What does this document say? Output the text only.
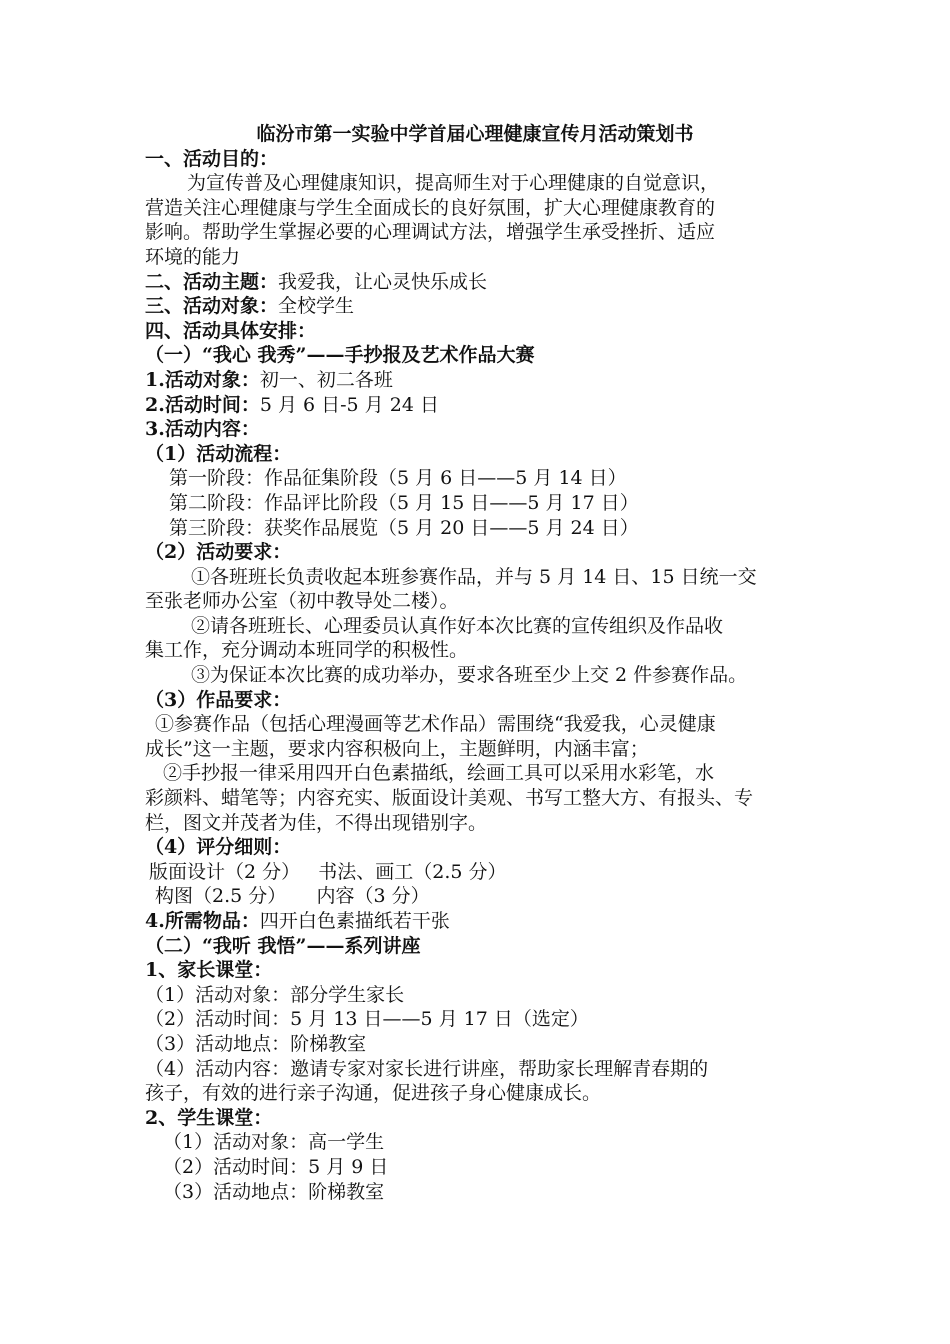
临汾市第一实验中学首届心理健康宣传月活动策划书
一、活动目的：
为宣传普及心理健康知识，提高师生对于心理健康的自觉意识，
营造关注心理健康与学生全面成长的良好氛围，扩大心理健康教育的
影响。帮助学生掌握必要的心理调试方法，增强学生承受挫折、适应
环境的能力
二、活动主题：我爱我，让心灵快乐成长
三、活动对象：全校学生
四、活动具体安排：
（一）“我心 我秀”——手抄报及艺术作品大赛
1.活动对象：初一、初二各班
2.活动时间：5 月 6 日-5 月 24 日
3.活动内容：
（1）活动流程：
第一阶段：作品征集阶段（5 月 6 日——5 月 14 日）
第二阶段：作品评比阶段（5 月 15 日——5 月 17 日）
第三阶段：获奖作品展览（5 月 20 日——5 月 24 日）
（2）活动要求：
①各班班长负责收起本班参赛作品，并与 5 月 14 日、15 日统一交
至张老师办公室（初中教导处二楼）。
②请各班班长、心理委员认真作好本次比赛的宣传组织及作品收
集工作，充分调动本班同学的积极性。
③为保证本次比赛的成功举办，要求各班至少上交 2 件参赛作品。
（3）作品要求：
①参赛作品（包括心理漫画等艺术作品）需围绕“我爱我，心灵健康
成长”这一主题，要求内容积极向上，主题鲜明，内涵丰富；
②手抄报一律采用四开白色素描纸，绘画工具可以采用水彩笔，水
彩颜料、蜡笔等；内容充实、版面设计美观、书写工整大方、有报头、专
栏，图文并茂者为佳，不得出现错别字。
（4）评分细则：
版面设计（2 分）   书法、画工（2.5 分）
构图（2.5 分）     内容（3 分）
4.所需物品：四开白色素描纸若干张
（二）“我听 我悟”——系列讲座
1、家长课堂：
（1）活动对象：部分学生家长
（2）活动时间：5 月 13 日——5 月 17 日（选定）
（3）活动地点：阶梯教室
（4）活动内容：邀请专家对家长进行讲座，帮助家长理解青春期的
孩子，有效的进行亲子沟通，促进孩子身心健康成长。
2、学生课堂：
（1）活动对象：高一学生
（2）活动时间：5 月 9 日
（3）活动地点：阶梯教室
